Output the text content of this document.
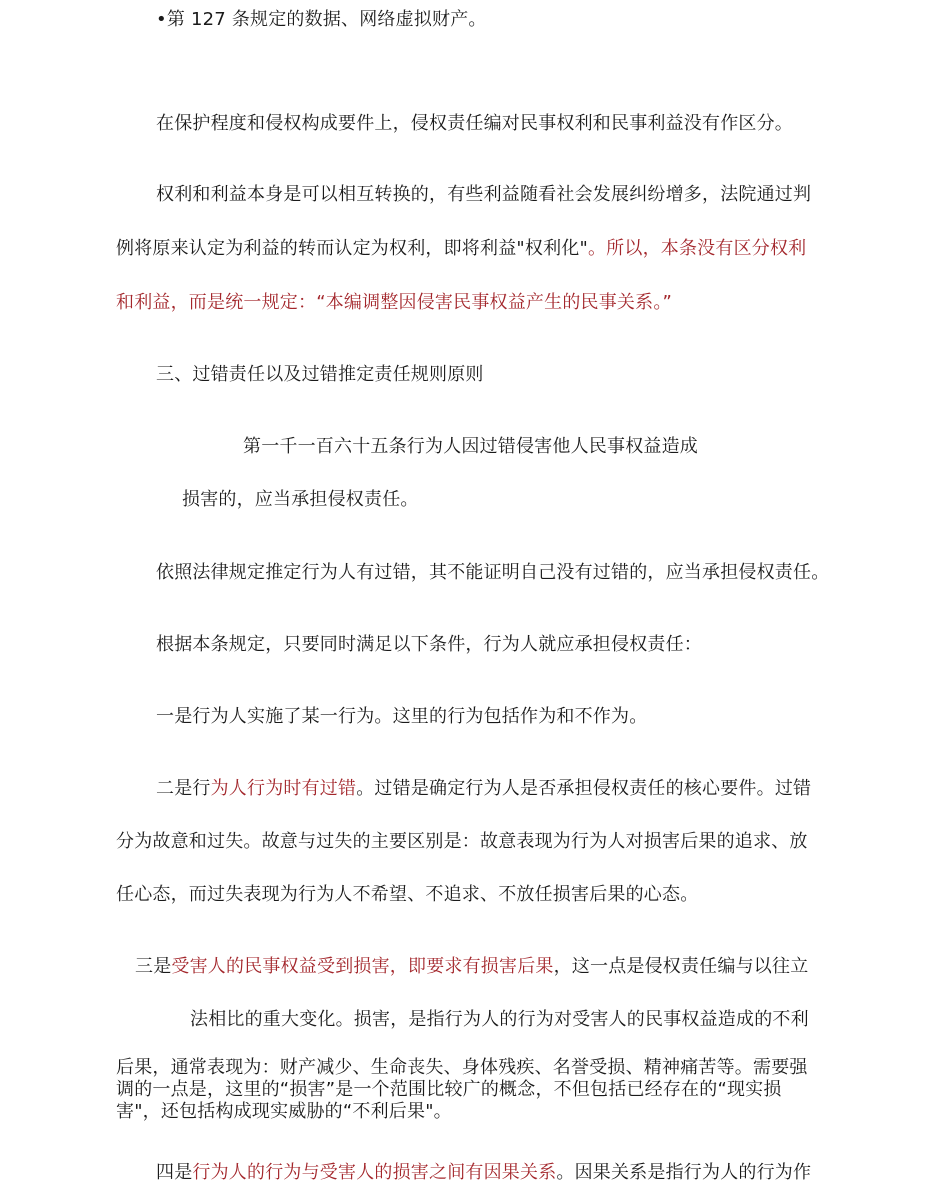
•第 127 条规定的数据、网络虚拟财产。
在保护程度和侵权构成要件上，侵权责任编对民事权利和民事利益没有作区分。
权利和利益本身是可以相互转换的，有些利益随看社会发展纠纷增多，法院通过判
例将原来认定为利益的转而认定为权利，即将利益"权利化"。所以，本条没有区分权利
和利益，而是统一规定：“本编调整因侵害民事权益产生的民事关系。”
三、过错责任以及过错推定责任规则原则
第一千一百六十五条行为人因过错侵害他人民事权益造成
损害的，应当承担侵权责任。
依照法律规定推定行为人有过错，其不能证明自己没有过错的，应当承担侵权责任。
根据本条规定，只要同时满足以下条件，行为人就应承担侵权责任：
一是行为人实施了某一行为。这里的行为包括作为和不作为。
二是行为人行为时有过错。过错是确定行为人是否承担侵权责任的核心要件。过错
分为故意和过失。故意与过失的主要区别是：故意表现为行为人对损害后果的追求、放
任心态，而过失表现为行为人不希望、不追求、不放任损害后果的心态。
三是受害人的民事权益受到损害，即要求有损害后果，这一点是侵权责任编与以往立
法相比的重大变化。损害，是指行为人的行为对受害人的民事权益造成的不利
后果，通常表现为：财产减少、生命丧失、身体残疾、名誉受损、精神痛苦等。需要强
调的一点是，这里的“损害”是一个范围比较广的概念，不但包括已经存在的“现实损
害"，还包括构成现实威胁的“不利后果"。
四是行为人的行为与受害人的损害之间有因果关系。因果关系是指行为人的行为作
